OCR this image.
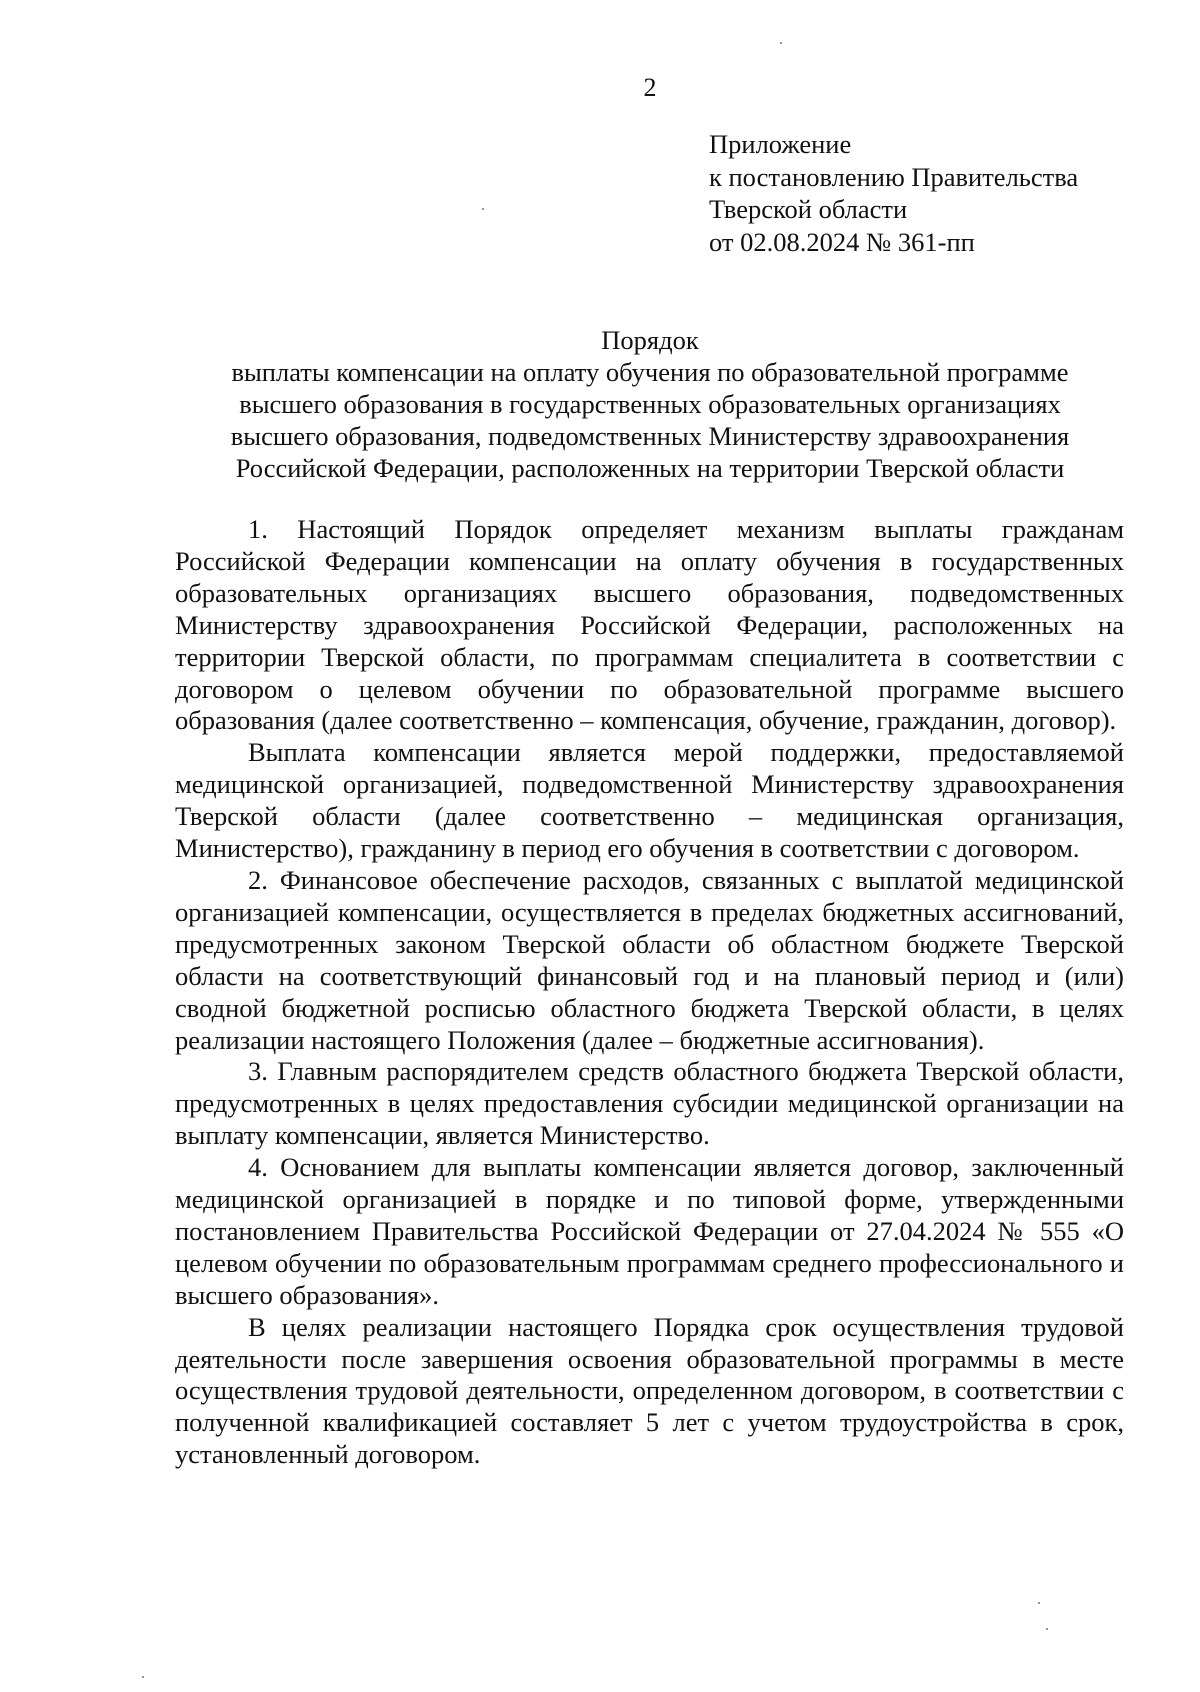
2
Приложение
к постановлению Правительства
Тверской области
от 02.08.2024 № 361-пп
Порядок
выплаты компенсации на оплату обучения по образовательной программе
высшего образования в государственных образовательных организациях
высшего образования, подведомственных Министерству здравоохранения
Российской Федерации, расположенных на территории Тверской области

1. Настоящий Порядок определяет механизм выплаты гражданам Российской Федерации компенсации на оплату обучения в государственных образовательных организациях высшего образования, подведомственных Министерству здравоохранения Российской Федерации, расположенных на территории Тверской области, по программам специалитета в соответствии с договором о целевом обучении по образовательной программе высшего образования (далее соответственно – компенсация, обучение, гражданин, договор).

Выплата компенсации является мерой поддержки, предоставляемой медицинской организацией, подведомственной Министерству здравоохранения Тверской области (далее соответственно – медицинская организация, Министерство), гражданину в период его обучения в соответствии с договором.

2. Финансовое обеспечение расходов, связанных с выплатой медицинской организацией компенсации, осуществляется в пределах бюджетных ассигнований, предусмотренных законом Тверской области об областном бюджете Тверской области на соответствующий финансовый год и на плановый период и (или) сводной бюджетной росписью областного бюджета Тверской области, в целях реализации настоящего Положения (далее – бюджетные ассигнования).

3. Главным распорядителем средств областного бюджета Тверской области, предусмотренных в целях предоставления субсидии медицинской организации на выплату компенсации, является Министерство.

4. Основанием для выплаты компенсации является договор, заключенный медицинской организацией в порядке и по типовой форме, утвержденными постановлением Правительства Российской Федерации от 27.04.2024 № 555 «О целевом обучении по образовательным программам среднего профессионального и высшего образования».

В целях реализации настоящего Порядка срок осуществления трудовой деятельности после завершения освоения образовательной программы в месте осуществления трудовой деятельности, определенном договором, в соответствии с полученной квалификацией составляет 5 лет с учетом трудоустройства в срок, установленный договором.
